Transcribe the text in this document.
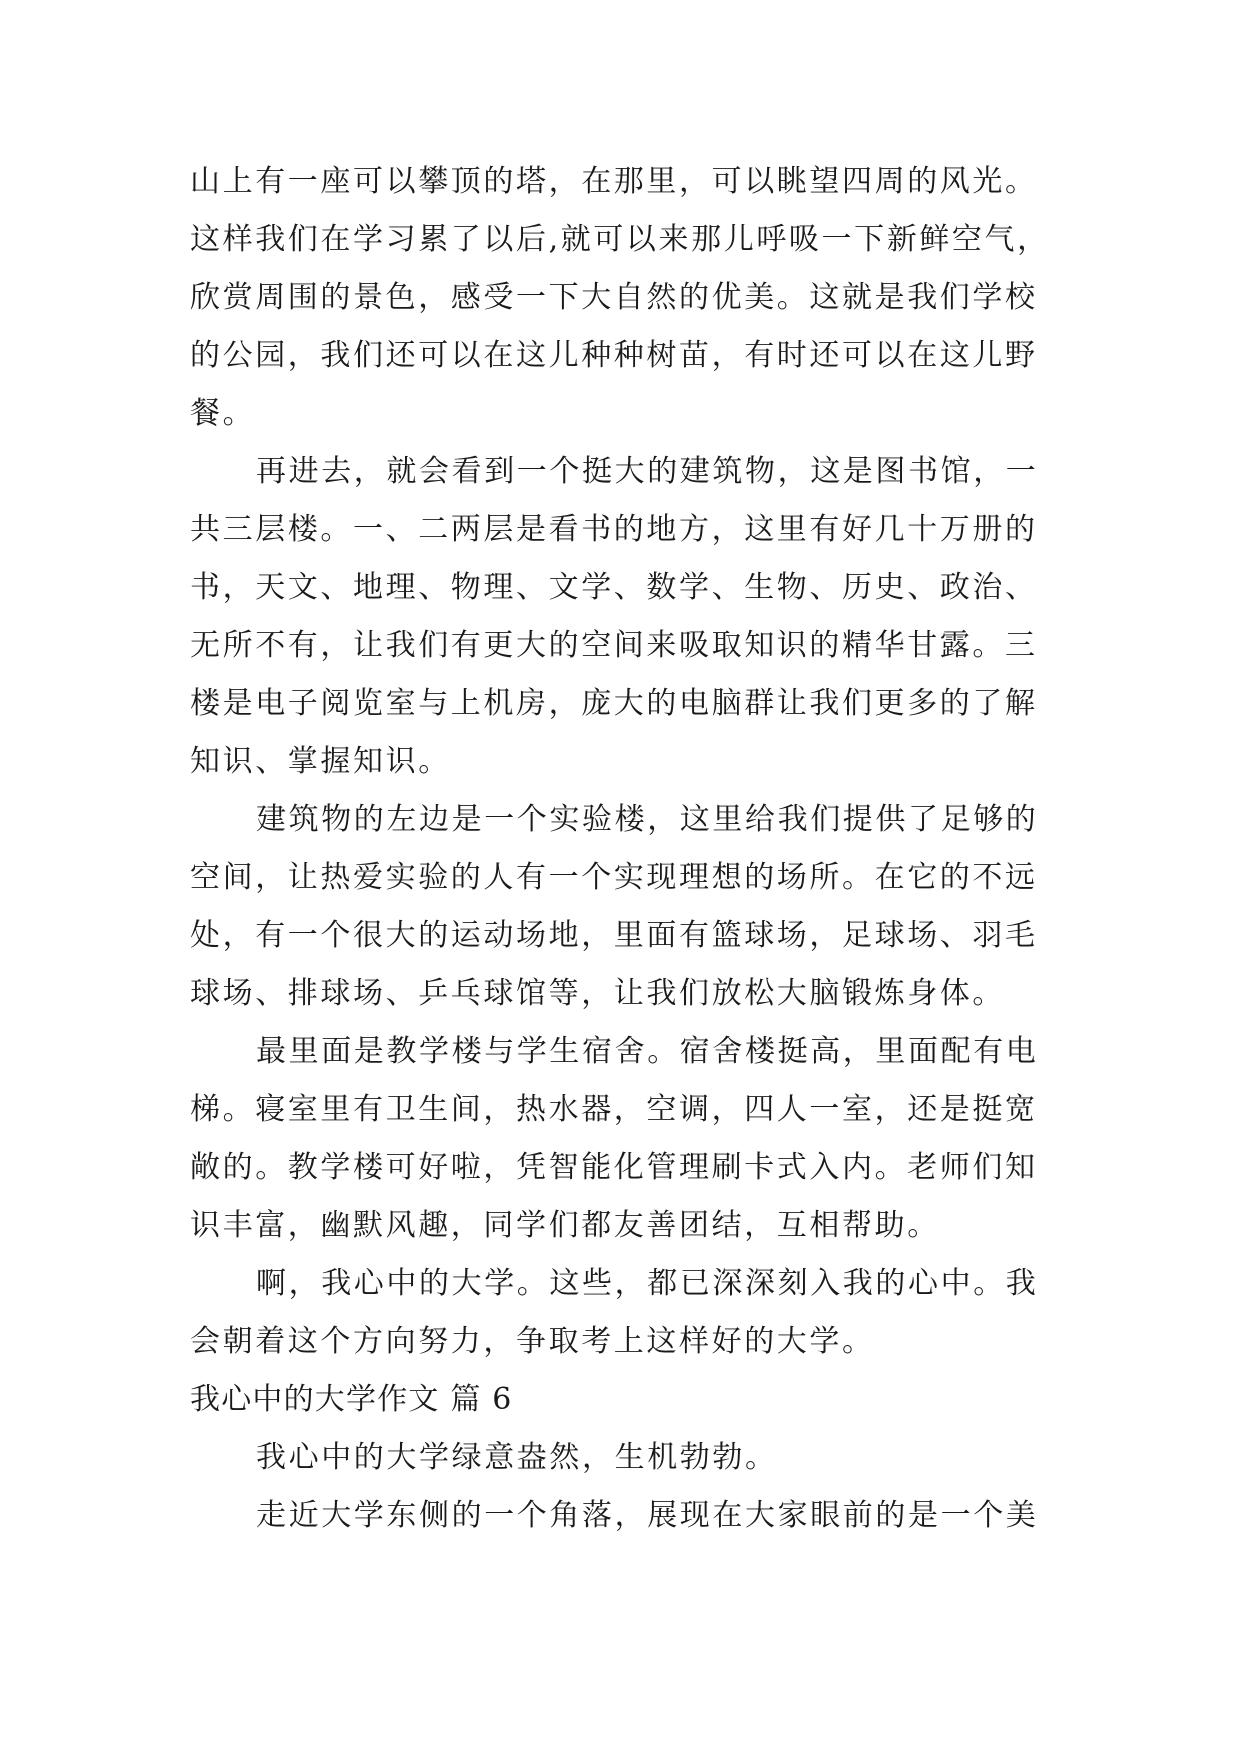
山上有一座可以攀顶的塔，在那里，可以眺望四周的风光。
这样我们在学习累了以后,就可以来那儿呼吸一下新鲜空气，
欣赏周围的景色，感受一下大自然的优美。这就是我们学校
的公园，我们还可以在这儿种种树苗，有时还可以在这儿野
餐。
再进去，就会看到一个挺大的建筑物，这是图书馆，一
共三层楼。一、二两层是看书的地方，这里有好几十万册的
书，天文、地理、物理、文学、数学、生物、历史、政治、
无所不有，让我们有更大的空间来吸取知识的精华甘露。三
楼是电子阅览室与上机房，庞大的电脑群让我们更多的了解
知识、掌握知识。
建筑物的左边是一个实验楼，这里给我们提供了足够的
空间，让热爱实验的人有一个实现理想的场所。在它的不远
处，有一个很大的运动场地，里面有篮球场，足球场、羽毛
球场、排球场、乒乓球馆等，让我们放松大脑锻炼身体。
最里面是教学楼与学生宿舍。宿舍楼挺高，里面配有电
梯。寝室里有卫生间，热水器，空调，四人一室，还是挺宽
敞的。教学楼可好啦，凭智能化管理刷卡式入内。老师们知
识丰富，幽默风趣，同学们都友善团结，互相帮助。
啊，我心中的大学。这些，都已深深刻入我的心中。我
会朝着这个方向努力，争取考上这样好的大学。
我心中的大学作文 篇 6
我心中的大学绿意盎然，生机勃勃。
走近大学东侧的一个角落，展现在大家眼前的是一个美
